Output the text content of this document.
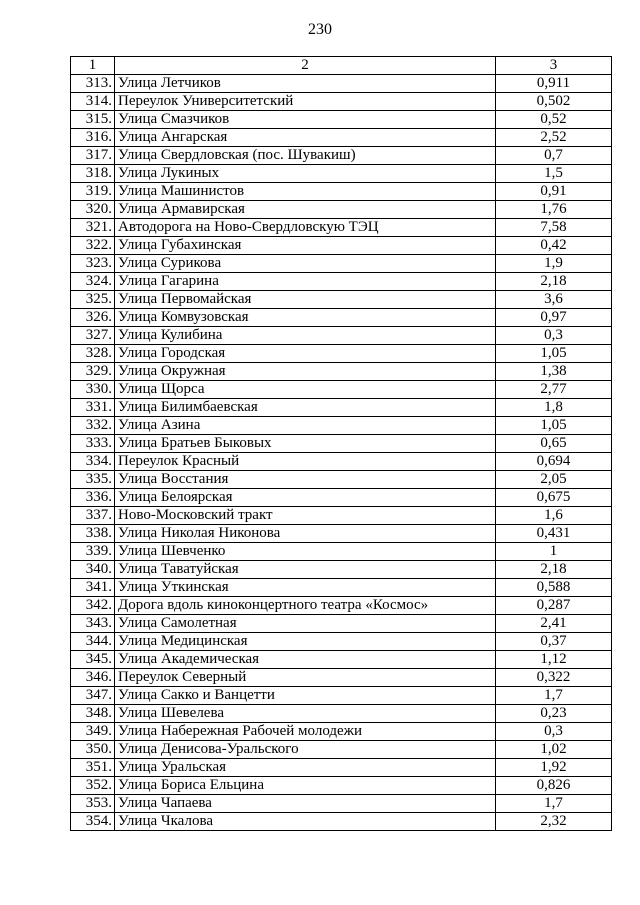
230
1	2	3
313.	Улица Летчиков	0,911
314.	Переулок Университетский	0,502
315.	Улица Смазчиков	0,52
316.	Улица Ангарская	2,52
317.	Улица Свердловская (пос. Шувакиш)	0,7
318.	Улица Лукиных	1,5
319.	Улица Машинистов	0,91
320.	Улица Армавирская	1,76
321.	Автодорога на Ново-Свердловскую ТЭЦ	7,58
322.	Улица Губахинская	0,42
323.	Улица Сурикова	1,9
324.	Улица Гагарина	2,18
325.	Улица Первомайская	3,6
326.	Улица Комвузовская	0,97
327.	Улица Кулибина	0,3
328.	Улица Городская	1,05
329.	Улица Окружная	1,38
330.	Улица Щорса	2,77
331.	Улица Билимбаевская	1,8
332.	Улица Азина	1,05
333.	Улица Братьев Быковых	0,65
334.	Переулок Красный	0,694
335.	Улица Восстания	2,05
336.	Улица Белоярская	0,675
337.	Ново-Московский тракт	1,6
338.	Улица Николая Никонова	0,431
339.	Улица Шевченко	1
340.	Улица Таватуйская	2,18
341.	Улица Уткинская	0,588
342.	Дорога вдоль киноконцертного театра «Космос»	0,287
343.	Улица Самолетная	2,41
344.	Улица Медицинская	0,37
345.	Улица Академическая	1,12
346.	Переулок Северный	0,322
347.	Улица Сакко и Ванцетти	1,7
348.	Улица Шевелева	0,23
349.	Улица Набережная Рабочей молодежи	0,3
350.	Улица Денисова-Уральского	1,02
351.	Улица Уральская	1,92
352.	Улица Бориса Ельцина	0,826
353.	Улица Чапаева	1,7
354.	Улица Чкалова	2,32
